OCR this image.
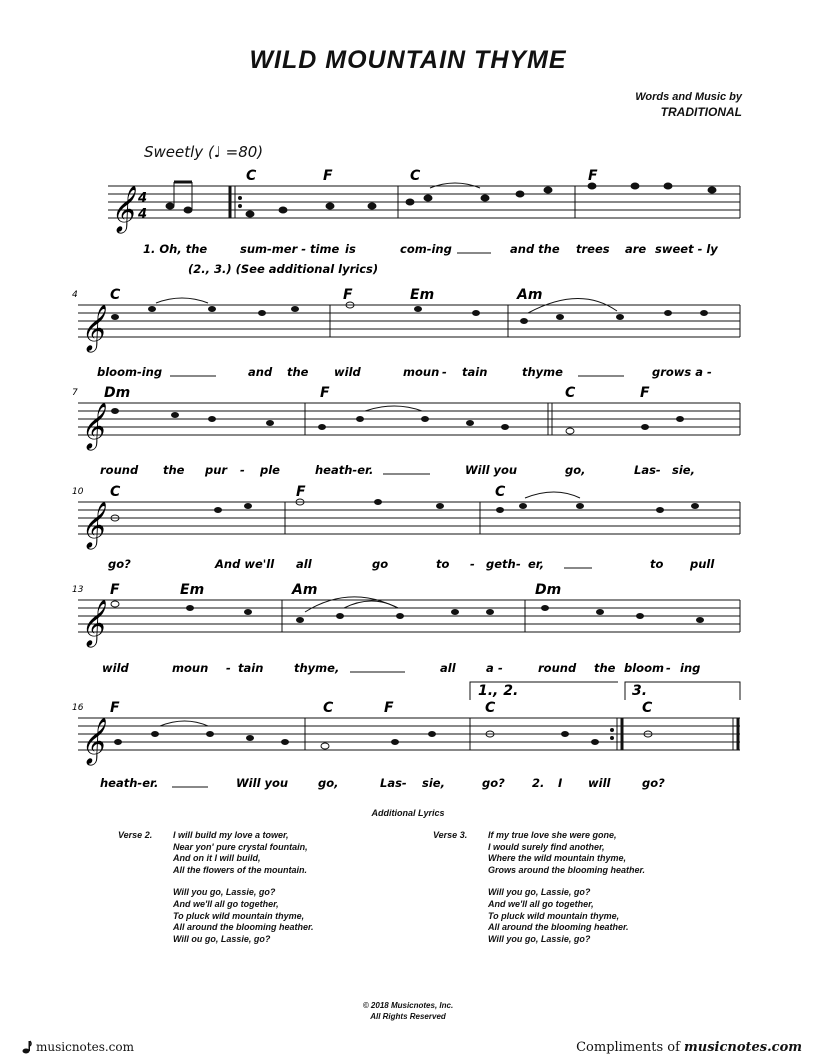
WILD MOUNTAIN THYME
Words and Music by
TRADITIONAL
Sweetly (♩ =80)
𝄞 4
4
C	F	C	F
1. Oh, the	sum-mer - time is	com-ing	and the trees are sweet - ly
(2., 3.) (See additional lyrics)
𝄞
4 C	F	Em	Am
bloom-ing	and the wild	moun - tain	thyme	grows a -
𝄞
7 Dm	F	C	F
round the pur - ple	heath-er.	Will you	go,	Las- sie,
𝄞
10 C	F	C
go?	And we'll all	go	to - geth - er,	to pull
𝄞
13 F	Em	Am	Dm
wild	moun - tain	thyme,	all	a -	round the bloom - ing
𝄞
16
1., 2.	3.
F	C	F	C	C
heath-er.	Will you	go,	Las- sie,	go? 2. I will	go?
Additional Lyrics
Verse 2. I will build my love a tower,
Near yon' pure crystal fountain,
And on it I will build,
All the flowers of the mountain.
Will you go, Lassie, go?
And we'll all go together,
To pluck wild mountain thyme,
All around the blooming heather.
Will ou go, Lassie, go?
Verse 3. If my true love she were gone,
I would surely find another,
Where the wild mountain thyme,
Grows around the blooming heather.
Will you go, Lassie, go?
And we'll all go together,
To pluck wild mountain thyme,
All around the blooming heather.
Will you go, Lassie, go?
© 2018 Musicnotes, Inc.
All Rights Reserved
musicnotes.com	Compliments of musicnotes.com
